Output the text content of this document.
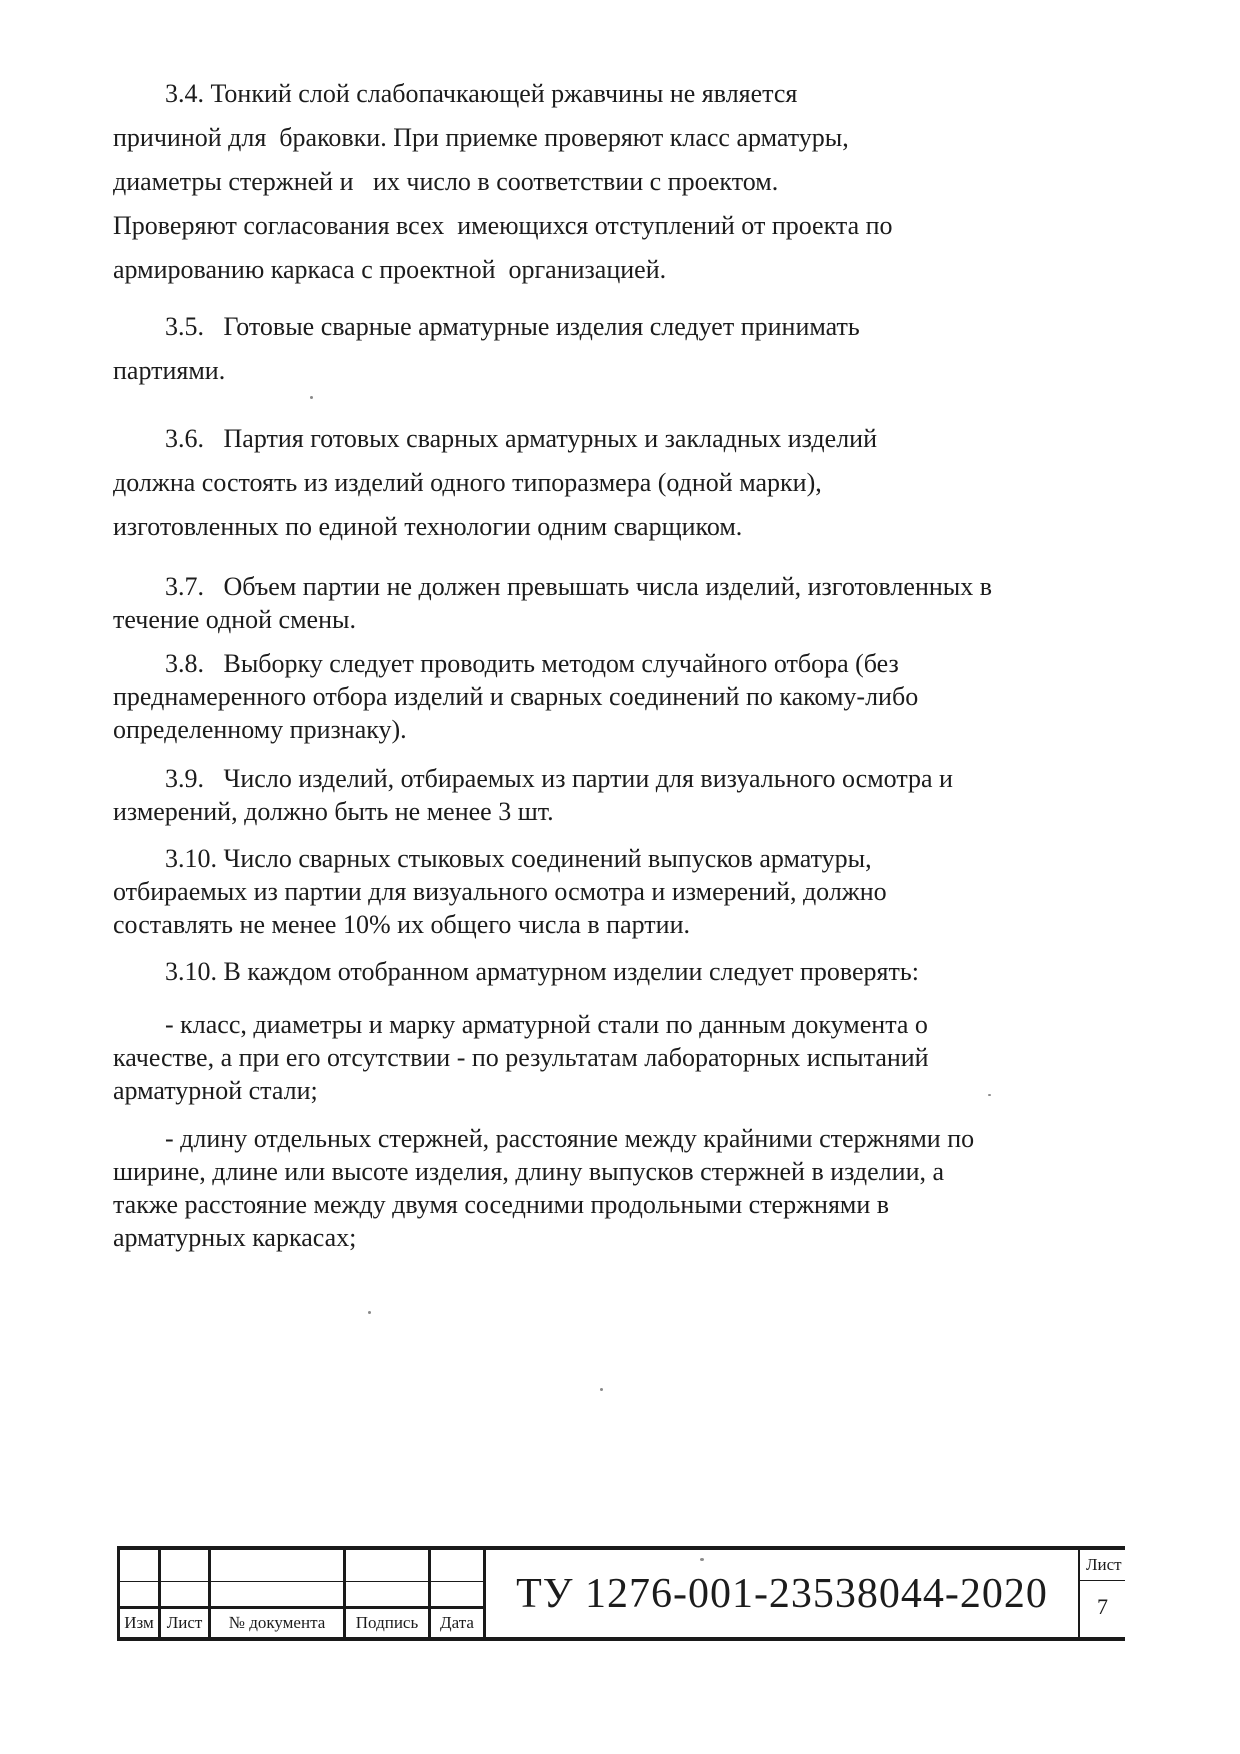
3.4. Тонкий слой слабопачкающей ржавчины не является
причиной для  браковки. При приемке проверяют класс арматуры,
диаметры стержней и   их число в соответствии с проектом.
Проверяют согласования всех  имеющихся отступлений от проекта по
армированию каркаса с проектной  организацией.
3.5.   Готовые сварные арматурные изделия следует принимать
партиями.
3.6.   Партия готовых сварных арматурных и закладных изделий
должна состоять из изделий одного типоразмера (одной марки),
изготовленных по единой технологии одним сварщиком.
3.7.   Объем партии не должен превышать числа изделий, изготовленных в
течение одной смены.
3.8.   Выборку следует проводить методом случайного отбора (без
преднамеренного отбора изделий и сварных соединений по какому-либо
определенному признаку).
3.9.   Число изделий, отбираемых из партии для визуального осмотра и
измерений, должно быть не менее 3 шт.
3.10. Число сварных стыковых соединений выпусков арматуры,
отбираемых из партии для визуального осмотра и измерений, должно
составлять не менее 10% их общего числа в партии.
3.10. В каждом отобранном арматурном изделии следует проверять:
- класс, диаметры и марку арматурной стали по данным документа о
качестве, а при его отсутствии - по результатам лабораторных испытаний
арматурной стали;
- длину отдельных стержней, расстояние между крайними стержнями по
ширине, длине или высоте изделия, длину выпусков стержней в изделии, а
также расстояние между двумя соседними продольными стержнями в
арматурных каркасах;
Изм Лист	№ документа	Подпись	Дата
ТУ 1276-001-23538044-2020
Лист
7
